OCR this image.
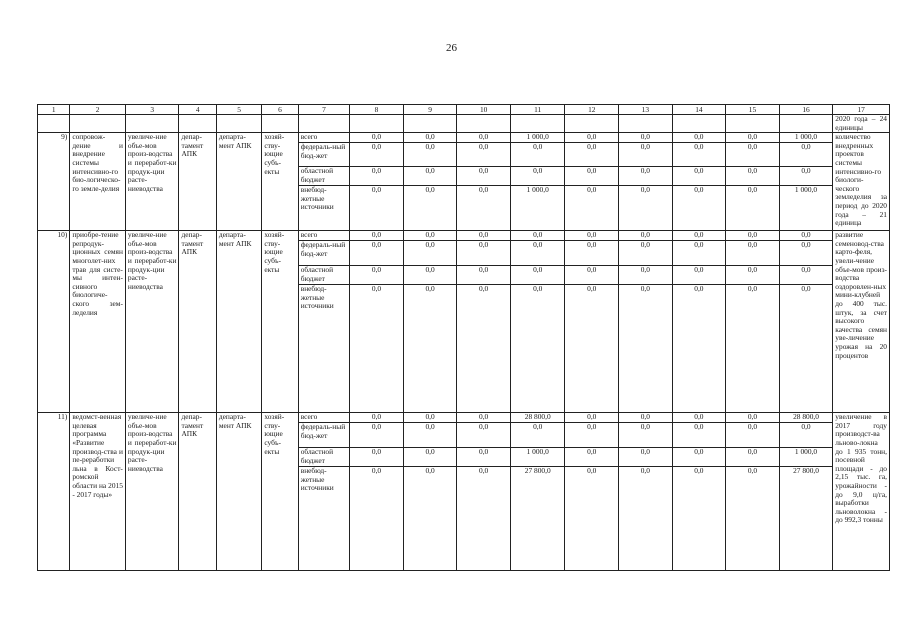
26
1	2	3	4	5	6	7	8	9	10	11	12	13	14	15	16	17
																2020 года – 24 единицы
9)	сопровож-дение и внедрение системы интенсивно-го био-логическо-го земле-делия	увеличе-ние объе-мов произ-водства и переработ-ки продук-ции расте-ниеводства	депар-тамент АПК	департа-мент АПК	хозяй-ству-ющие субъ-екты	всего	0,0	0,0	0,0	1 000,0	0,0	0,0	0,0	0,0	1 000,0	количество внедренных проектов системы интенсивно-го биологи-ческого земледелия за период до 2020 года – 21 единица
						федераль-ный бюд-жет	0,0	0,0	0,0	0,0	0,0	0,0	0,0	0,0	0,0	
						областной бюджет	0,0	0,0	0,0	0,0	0,0	0,0	0,0	0,0	0,0	
						внебюд-жетные источники	0,0	0,0	0,0	1 000,0	0,0	0,0	0,0	0,0	1 000,0	
10)	приобре-тение репродук-ционных семян многолет-них трав для систе-мы интен-сивного биологиче-ского зем-леделия	увеличе-ние объе-мов произ-водства и переработ-ки продук-ции расте-ниеводства	депар-тамент АПК	департа-мент АПК	хозяй-ству-ющие субъ-екты	всего	0,0	0,0	0,0	0,0	0,0	0,0	0,0	0,0	0,0	развитие семеновод-ства карто-феля, увели-чение объе-мов произ-водства оздоровлен-ных мини-клубней до 400 тыс. штук, за счет высокого качества семян уве-личение урожая на 20 процентов
						федераль-ный бюд-жет	0,0	0,0	0,0	0,0	0,0	0,0	0,0	0,0	0,0	
						областной бюджет	0,0	0,0	0,0	0,0	0,0	0,0	0,0	0,0	0,0	
						внебюд-жетные источники	0,0	0,0	0,0	0,0	0,0	0,0	0,0	0,0	0,0	
11)	ведомст-венная целевая программа «Развитие производ-ства и пе-реработки льна в Кост-ромской области на 2015 - 2017 годы»	увеличе-ние объе-мов произ-водства и переработ-ки продук-ции расте-ниеводства	депар-тамент АПК	департа-мент АПК	хозяй-ству-ющие субъ-екты	всего	0,0	0,0	0,0	28 800,0	0,0	0,0	0,0	0,0	28 800,0	увеличение в 2017 году производст-ва льново-локна до 1 935 тонн, посевной площади - до 2,15 тыс. га, урожайности - до 9,0 ц/га, выработки льноволокна - до 992,3 тонны
						федераль-ный бюд-жет	0,0	0,0	0,0	0,0	0,0	0,0	0,0	0,0	0,0	
						областной бюджет	0,0	0,0	0,0	1 000,0	0,0	0,0	0,0	0,0	1 000,0	
						внебюд-жетные источники	0,0	0,0	0,0	27 800,0	0,0	0,0	0,0	0,0	27 800,0	
